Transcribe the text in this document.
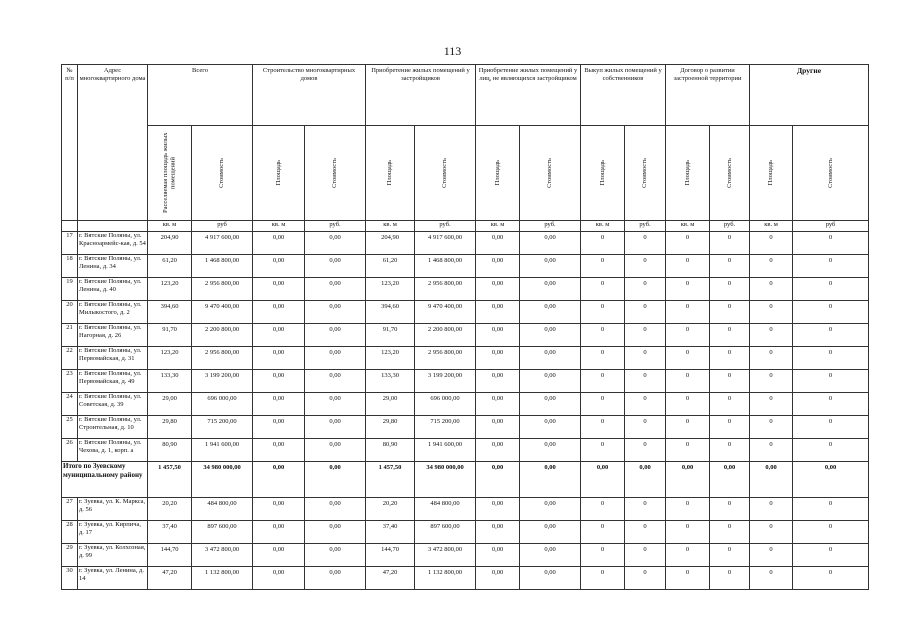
113
№ п/п	Адрес многоквартирного дома	Всего		Строительство многоквартирных домов		Приобретение жилых помещений у застройщиков		Приобретение жилых помещений у лиц, не являющихся застройщиком		Выкуп жилых помещений у собственников		Договор о развитии застроенной территории		Другие	

		Расселяемая площадь жилых помещений	Стоимость	Площадь	Стоимость	Площадь	Стоимость	Площадь	Стоимость	Площадь	Стоимость	Площадь	Стоимость	Площадь	Стоимость

		кв. м	руб	кв. м	руб.	кв. м	руб.	кв. м	руб.	кв. м	руб.	кв. м	руб.	кв. м	руб
17	г. Вятские Поляны, ул. Красноармейс-кая, д. 54	204,90	4 917 600,00	0,00	0,00	204,90	4 917 600,00	0,00	0,00	0	0	0	0	0	0
18	г. Вятские Поляны, ул. Ленина, д. 34	61,20	1 468 800,00	0,00	0,00	61,20	1 468 800,00	0,00	0,00	0	0	0	0	0	0
19	г. Вятские Поляны, ул. Ленина, д. 40	123,20	2 956 800,00	0,00	0,00	123,20	2 956 800,00	0,00	0,00	0	0	0	0	0	0
20	г. Вятские Поляны, ул. Милыкостого, д. 2	394,60	9 470 400,00	0,00	0,00	394,60	9 470 400,00	0,00	0,00	0	0	0	0	0	0
21	г. Вятские Поляны, ул. Нагорная, д. 26	91,70	2 200 800,00	0,00	0,00	91,70	2 200 800,00	0,00	0,00	0	0	0	0	0	0
22	г. Вятские Поляны, ул. Первомайская, д. 31	123,20	2 956 800,00	0,00	0,00	123,20	2 956 800,00	0,00	0,00	0	0	0	0	0	0
23	г. Вятские Поляны, ул. Первомайская, д. 49	133,30	3 199 200,00	0,00	0,00	133,30	3 199 200,00	0,00	0,00	0	0	0	0	0	0
24	г. Вятские Поляны, ул. Советская, д. 39	29,00	696 000,00	0,00	0,00	29,00	696 000,00	0,00	0,00	0	0	0	0	0	0
25	г. Вятские Поляны, ул. Строительная, д. 10	29,80	715 200,00	0,00	0,00	29,80	715 200,00	0,00	0,00	0	0	0	0	0	0
26	г. Вятские Поляны, ул. Чехова, д. 1, корп. а	80,90	1 941 600,00	0,00	0,00	80,90	1 941 600,00	0,00	0,00	0	0	0	0	0	0
Итого по Зуевскому муниципальному району		1 457,50	34 980 000,00	0,00	0,00	1 457,50	34 980 000,00	0,00	0,00	0,00	0,00	0,00	0,00	0,00	0,00
27	г. Зуевка, ул. К. Маркса, д. 56	20,20	484 800,00	0,00	0,00	20,20	484 800,00	0,00	0,00	0	0	0	0	0	0
28	г. Зуевка, ул. Кирпича, д. 17	37,40	897 600,00	0,00	0,00	37,40	897 600,00	0,00	0,00	0	0	0	0	0	0
29	г. Зуевка, ул. Колхозная, д. 99	144,70	3 472 800,00	0,00	0,00	144,70	3 472 800,00	0,00	0,00	0	0	0	0	0	0
30	г. Зуевка, ул. Ленина, д. 14	47,20	1 132 800,00	0,00	0,00	47,20	1 132 800,00	0,00	0,00	0	0	0	0	0	0
